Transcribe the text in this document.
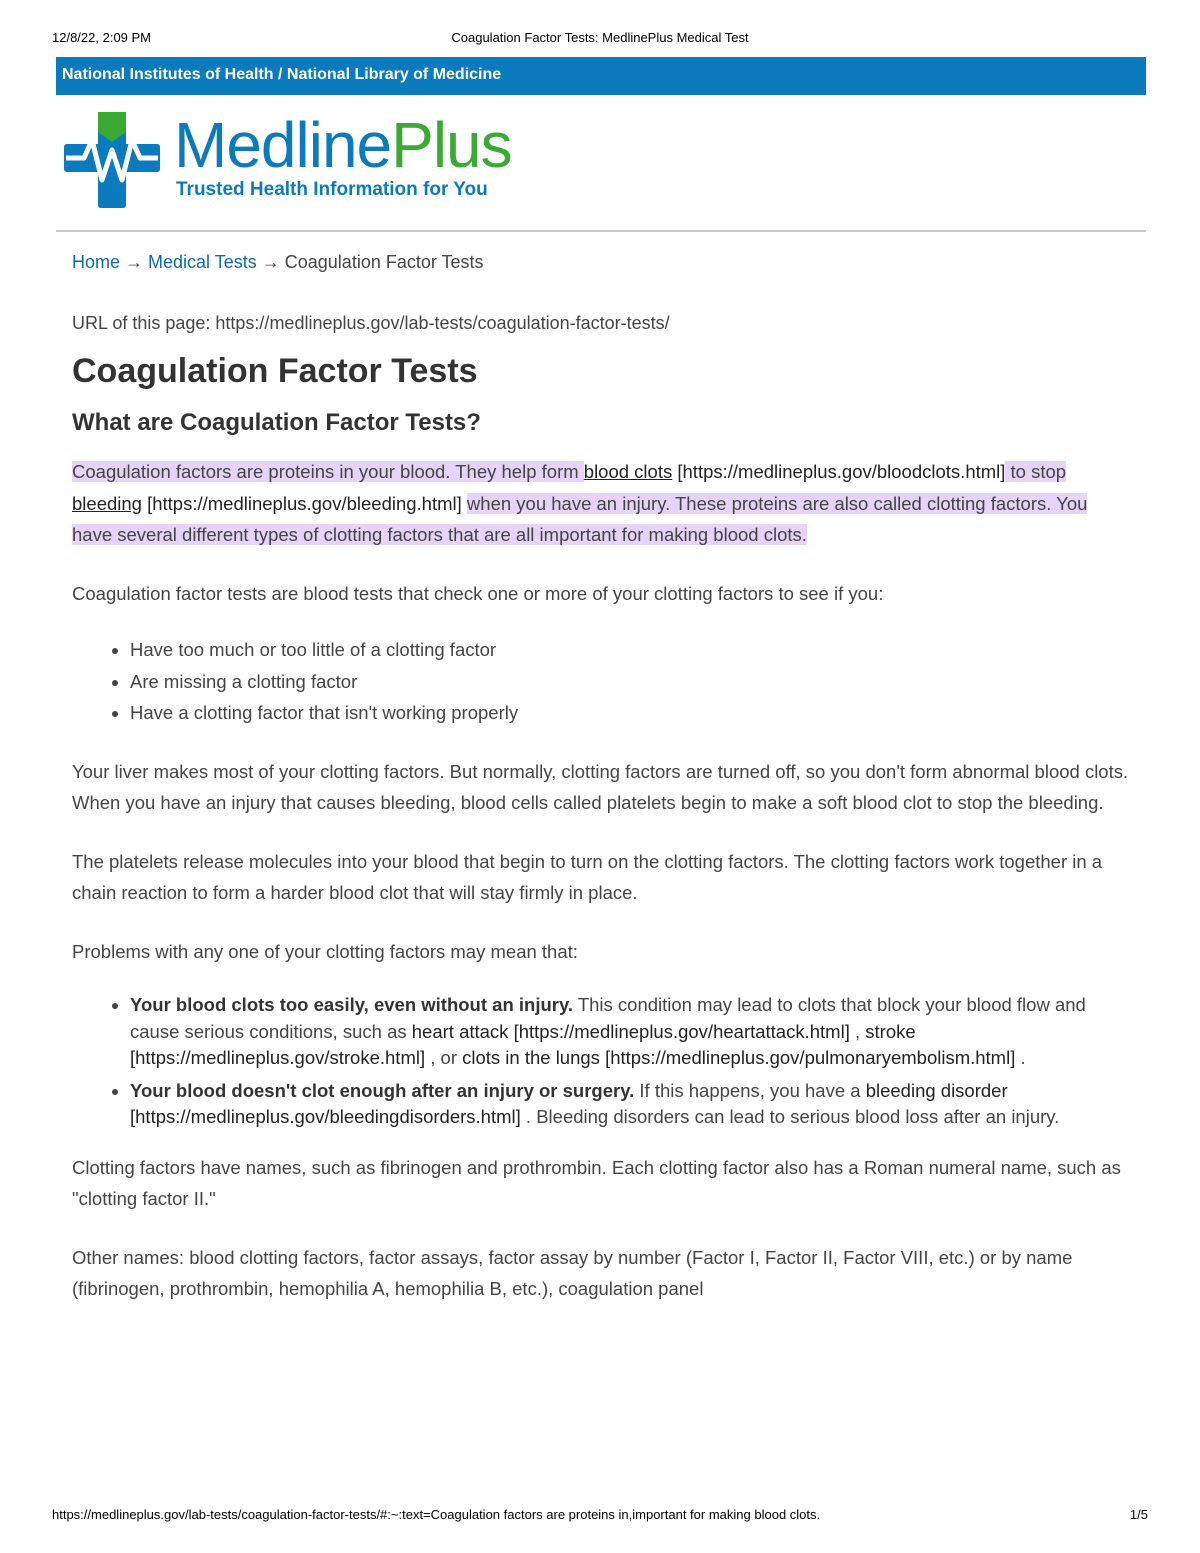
12/8/22, 2:09 PM	Coagulation Factor Tests: MedlinePlus Medical Test
National Institutes of Health / National Library of Medicine
MedlinePlus
Trusted Health Information for You
Home → Medical Tests → Coagulation Factor Tests
URL of this page: https://medlineplus.gov/lab-tests/coagulation-factor-tests/
Coagulation Factor Tests
What are Coagulation Factor Tests?

Coagulation factors are proteins in your blood. They help form blood clots [https://medlineplus.gov/bloodclots.html] to stop bleeding [https://medlineplus.gov/bleeding.html] when you have an injury. These proteins are also called clotting factors. You have several different types of clotting factors that are all important for making blood clots.

Coagulation factor tests are blood tests that check one or more of your clotting factors to see if you:

• Have too much or too little of a clotting factor
• Are missing a clotting factor
• Have a clotting factor that isn't working properly

Your liver makes most of your clotting factors. But normally, clotting factors are turned off, so you don't form abnormal blood clots. When you have an injury that causes bleeding, blood cells called platelets begin to make a soft blood clot to stop the bleeding.

The platelets release molecules into your blood that begin to turn on the clotting factors. The clotting factors work together in a chain reaction to form a harder blood clot that will stay firmly in place.

Problems with any one of your clotting factors may mean that:

• Your blood clots too easily, even without an injury. This condition may lead to clots that block your blood flow and cause serious conditions, such as heart attack [https://medlineplus.gov/heartattack.html] , stroke [https://medlineplus.gov/stroke.html] , or clots in the lungs [https://medlineplus.gov/pulmonaryembolism.html] .
• Your blood doesn't clot enough after an injury or surgery. If this happens, you have a bleeding disorder [https://medlineplus.gov/bleedingdisorders.html] . Bleeding disorders can lead to serious blood loss after an injury.

Clotting factors have names, such as fibrinogen and prothrombin. Each clotting factor also has a Roman numeral name, such as "clotting factor II."

Other names: blood clotting factors, factor assays, factor assay by number (Factor I, Factor II, Factor VIII, etc.) or by name (fibrinogen, prothrombin, hemophilia A, hemophilia B, etc.), coagulation panel

https://medlineplus.gov/lab-tests/coagulation-factor-tests/#:~:text=Coagulation factors are proteins in,important for making blood clots.	1/5
